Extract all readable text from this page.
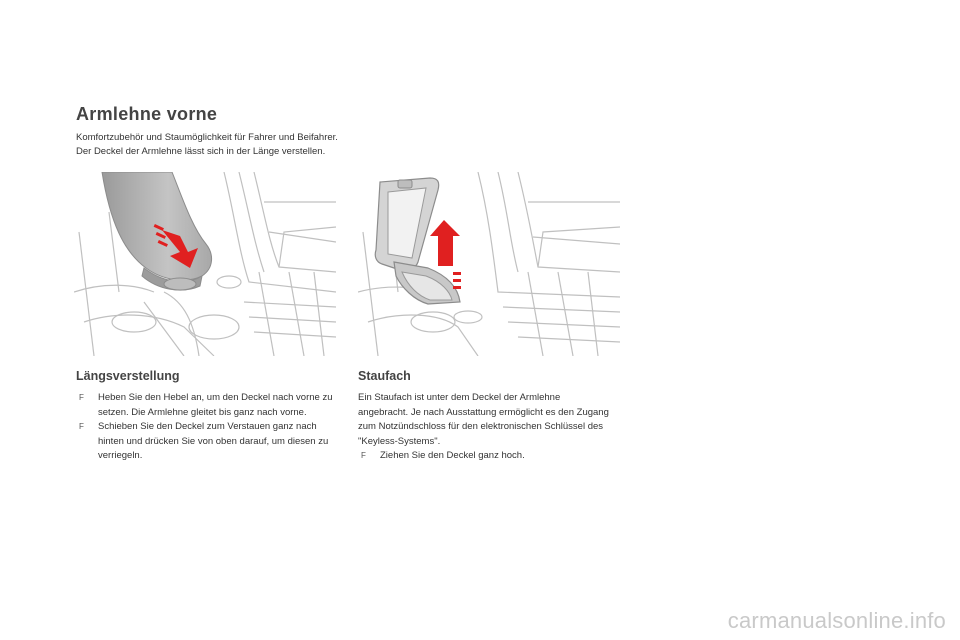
Armlehne vorne
Komfortzubehör und Staumöglichkeit für Fahrer und Beifahrer.
Der Deckel der Armlehne lässt sich in der Länge verstellen.
Längsverstellung
F Heben Sie den Hebel an, um den Deckel nach vorne zu setzen. Die Armlehne gleitet bis ganz nach vorne.
F Schieben Sie den Deckel zum Verstauen ganz nach hinten und drücken Sie von oben darauf, um diesen zu verriegeln.
Staufach
Ein Staufach ist unter dem Deckel der Armlehne angebracht. Je nach Ausstattung ermöglicht es den Zugang zum Notzündschloss für den elektronischen Schlüssel des "Keyless-Systems".
F Ziehen Sie den Deckel ganz hoch.
carmanualsonline.info
